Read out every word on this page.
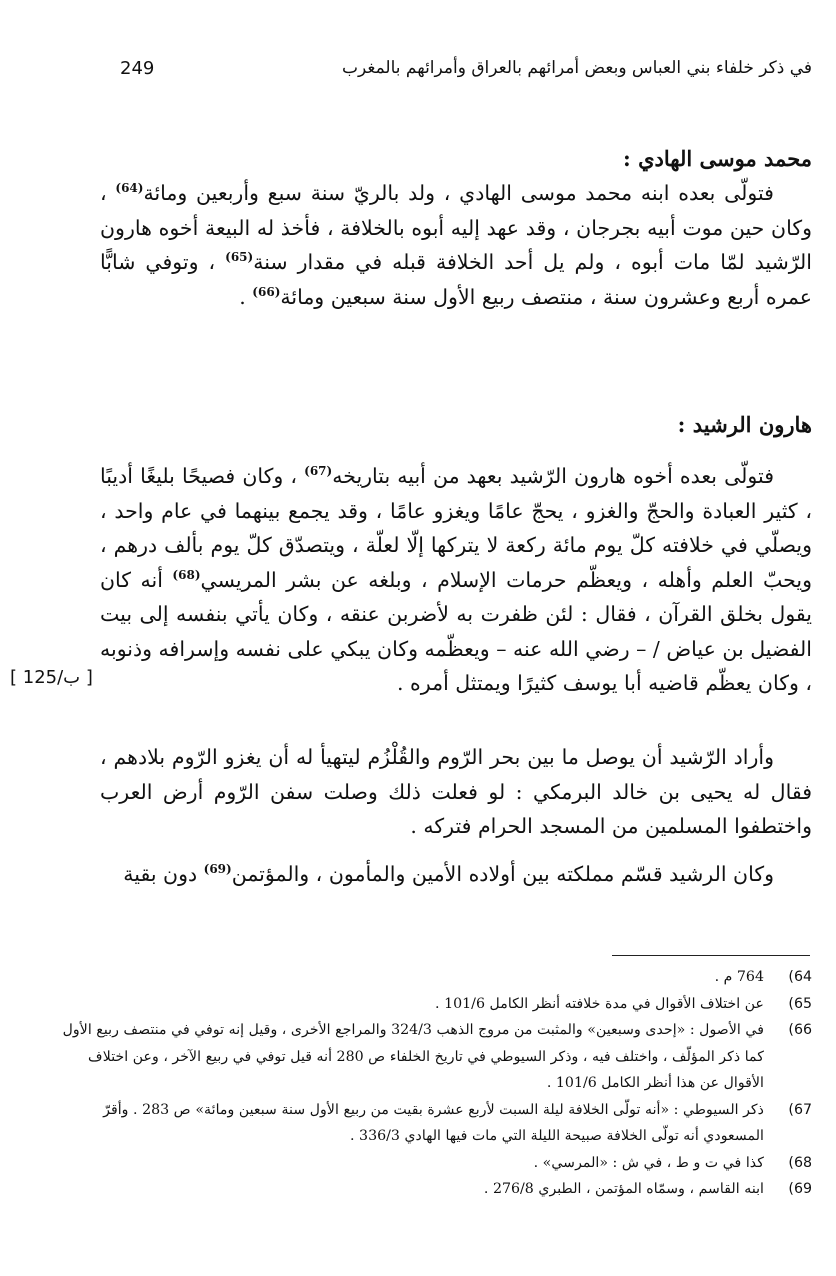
في ذكر خلفاء بني العباس وبعض أمرائهم بالعراق وأمرائهم بالمغرب
249
محمد موسى الهادي :

فتولّى بعده ابنه محمد موسى الهادي ، ولد بالريّ سنة سبع وأربعين ومائة$^{(64)}$ ، وكان حين موت أبيه بجرجان ، وقد عهد إليه أبوه بالخلافة ، فأخذ له البيعة أخوه هارون الرّشيد لمّا مات أبوه ، ولم يل أحد الخلافة قبله في مقدار سنة$^{(65)}$ ، وتوفي شابًّا عمره أربع وعشرون سنة ، منتصف ربيع الأول سنة سبعين ومائة$^{(66)}$ .

هارون الرشيد :

فتولّى بعده أخوه هارون الرّشيد بعهد من أبيه بتاريخه$^{(67)}$ ، وكان فصيحًا بليغًا أديبًا ، كثير العبادة والحجّ والغزو ، يحجّ عامًا ويغزو عامًا ، وقد يجمع بينهما في عام واحد ، ويصلّي في خلافته كلّ يوم مائة ركعة لا يتركها إلّا لعلّة ، ويتصدّق كلّ يوم بألف درهم ، ويحبّ العلم وأهله ، ويعظّم حرمات الإسلام ، وبلغه عن بشر المريسي$^{(68)}$ أنه كان يقول بخلق القرآن ، فقال : لئن ظفرت به لأضربن عنقه ، وكان يأتي بنفسه إلى بيت الفضيل بن عياض / – رضي الله عنه – ويعظّمه وكان يبكي على نفسه وإسرافه وذنوبه ، وكان يعظّم قاضيه أبا يوسف كثيرًا ويمتثل أمره .

[ 125/ب ]

وأراد الرّشيد أن يوصل ما بين بحر الرّوم والقُلْزُم ليتهيأ له أن يغزو الرّوم بلادهم ، فقال له يحيى بن خالد البرمكي : لو فعلت ذلك وصلت سفن الرّوم أرض العرب واختطفوا المسلمين من المسجد الحرام فتركه .

وكان الرشيد قسّم مملكته بين أولاده الأمين والمأمون ، والمؤتمن$^{(69)}$ دون بقية

(64
764 م .
(65
عن اختلاف الأقوال في مدة خلافته أنظر الكامل 101/6 .
(66
في الأصول : «إحدى وسبعين» والمثبت من مروج الذهب 324/3 والمراجع الأخرى ، وقيل إنه توفي في منتصف ربيع الأول كما ذكر المؤلّف ، واختلف فيه ، وذكر السيوطي في تاريخ الخلفاء ص 280 أنه قيل توفي في ربيع الآخر ، وعن اختلاف الأقوال عن هذا أنظر الكامل 101/6 .
(67
ذكر السيوطي : «أنه تولّى الخلافة ليلة السبت لأربع عشرة بقيت من ربيع الأول سنة سبعين ومائة» ص 283 . وأقرّ المسعودي أنه تولّى الخلافة صبيحة الليلة التي مات فيها الهادي 336/3 .
(68
كذا في ت و ط ، في ش : «المرسي» .
(69
ابنه القاسم ، وسمّاه المؤتمن ، الطبري 276/8 .
